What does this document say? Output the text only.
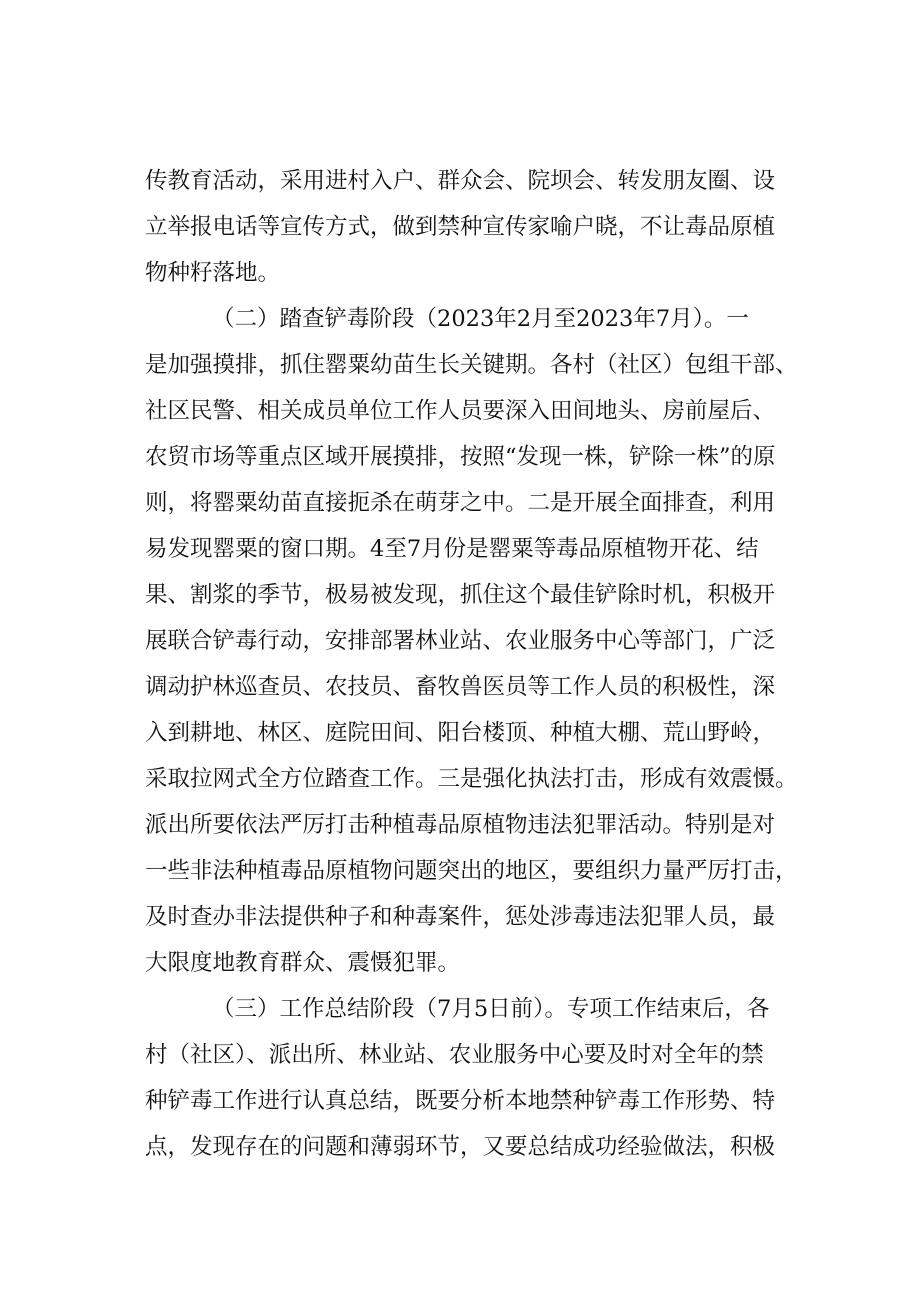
传教育活动，采用进村入户、群众会、院坝会、转发朋友圈、设
立举报电话等宣传方式，做到禁种宣传家喻户晓，不让毒品原植
物种籽落地。
（二）踏查铲毒阶段（2023年2月至2023年7月）。一
是加强摸排，抓住罂粟幼苗生长关键期。各村（社区）包组干部、
社区民警、相关成员单位工作人员要深入田间地头、房前屋后、
农贸市场等重点区域开展摸排，按照“发现一株，铲除一株”的原
则，将罂粟幼苗直接扼杀在萌芽之中。二是开展全面排查，利用
易发现罂粟的窗口期。4至7月份是罂粟等毒品原植物开花、结
果、割浆的季节，极易被发现，抓住这个最佳铲除时机，积极开
展联合铲毒行动，安排部署林业站、农业服务中心等部门，广泛
调动护林巡查员、农技员、畜牧兽医员等工作人员的积极性，深
入到耕地、林区、庭院田间、阳台楼顶、种植大棚、荒山野岭，
采取拉网式全方位踏查工作。三是强化执法打击，形成有效震慑。
派出所要依法严厉打击种植毒品原植物违法犯罪活动。特别是对
一些非法种植毒品原植物问题突出的地区，要组织力量严厉打击，
及时查办非法提供种子和种毒案件，惩处涉毒违法犯罪人员，最
大限度地教育群众、震慑犯罪。
（三）工作总结阶段（7月5日前）。专项工作结束后，各
村（社区）、派出所、林业站、农业服务中心要及时对全年的禁
种铲毒工作进行认真总结，既要分析本地禁种铲毒工作形势、特
点，发现存在的问题和薄弱环节，又要总结成功经验做法，积极
